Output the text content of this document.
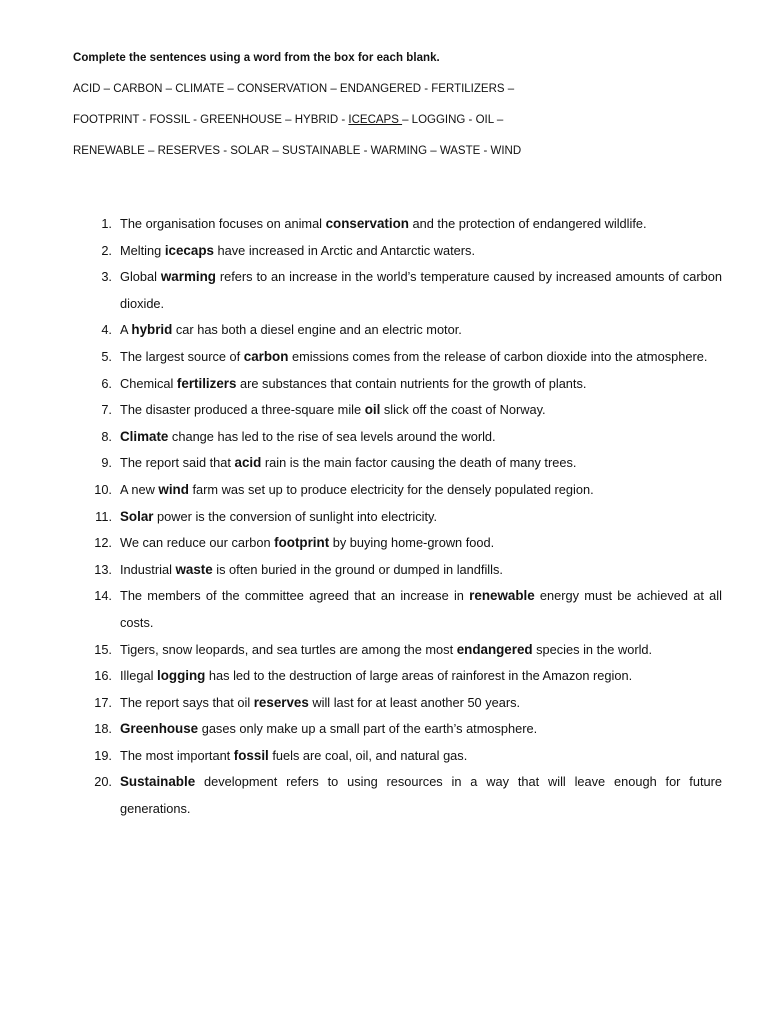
Complete the sentences using a word from the box for each blank.
ACID – CARBON – CLIMATE – CONSERVATION – ENDANGERED - FERTILIZERS –
FOOTPRINT - FOSSIL - GREENHOUSE – HYBRID - ICECAPS – LOGGING - OIL –
RENEWABLE – RESERVES - SOLAR – SUSTAINABLE - WARMING – WASTE - WIND
1. The organisation focuses on animal conservation and the protection of endangered wildlife.
2. Melting icecaps have increased in Arctic and Antarctic waters.
3. Global warming refers to an increase in the world’s temperature caused by increased amounts of carbon dioxide.
4. A hybrid car has both a diesel engine and an electric motor.
5. The largest source of carbon emissions comes from the release of carbon dioxide into the atmosphere.
6. Chemical fertilizers are substances that contain nutrients for the growth of plants.
7. The disaster produced a three-square mile oil slick off the coast of Norway.
8. Climate change has led to the rise of sea levels around the world.
9. The report said that acid rain is the main factor causing the death of many trees.
10. A new wind farm was set up to produce electricity for the densely populated region.
11. Solar power is the conversion of sunlight into electricity.
12. We can reduce our carbon footprint by buying home-grown food.
13. Industrial waste is often buried in the ground or dumped in landfills.
14. The members of the committee agreed that an increase in renewable energy must be achieved at all costs.
15. Tigers, snow leopards, and sea turtles are among the most endangered species in the world.
16. Illegal logging has led to the destruction of large areas of rainforest in the Amazon region.
17. The report says that oil reserves will last for at least another 50 years.
18. Greenhouse gases only make up a small part of the earth’s atmosphere.
19. The most important fossil fuels are coal, oil, and natural gas.
20. Sustainable development refers to using resources in a way that will leave enough for future generations.
